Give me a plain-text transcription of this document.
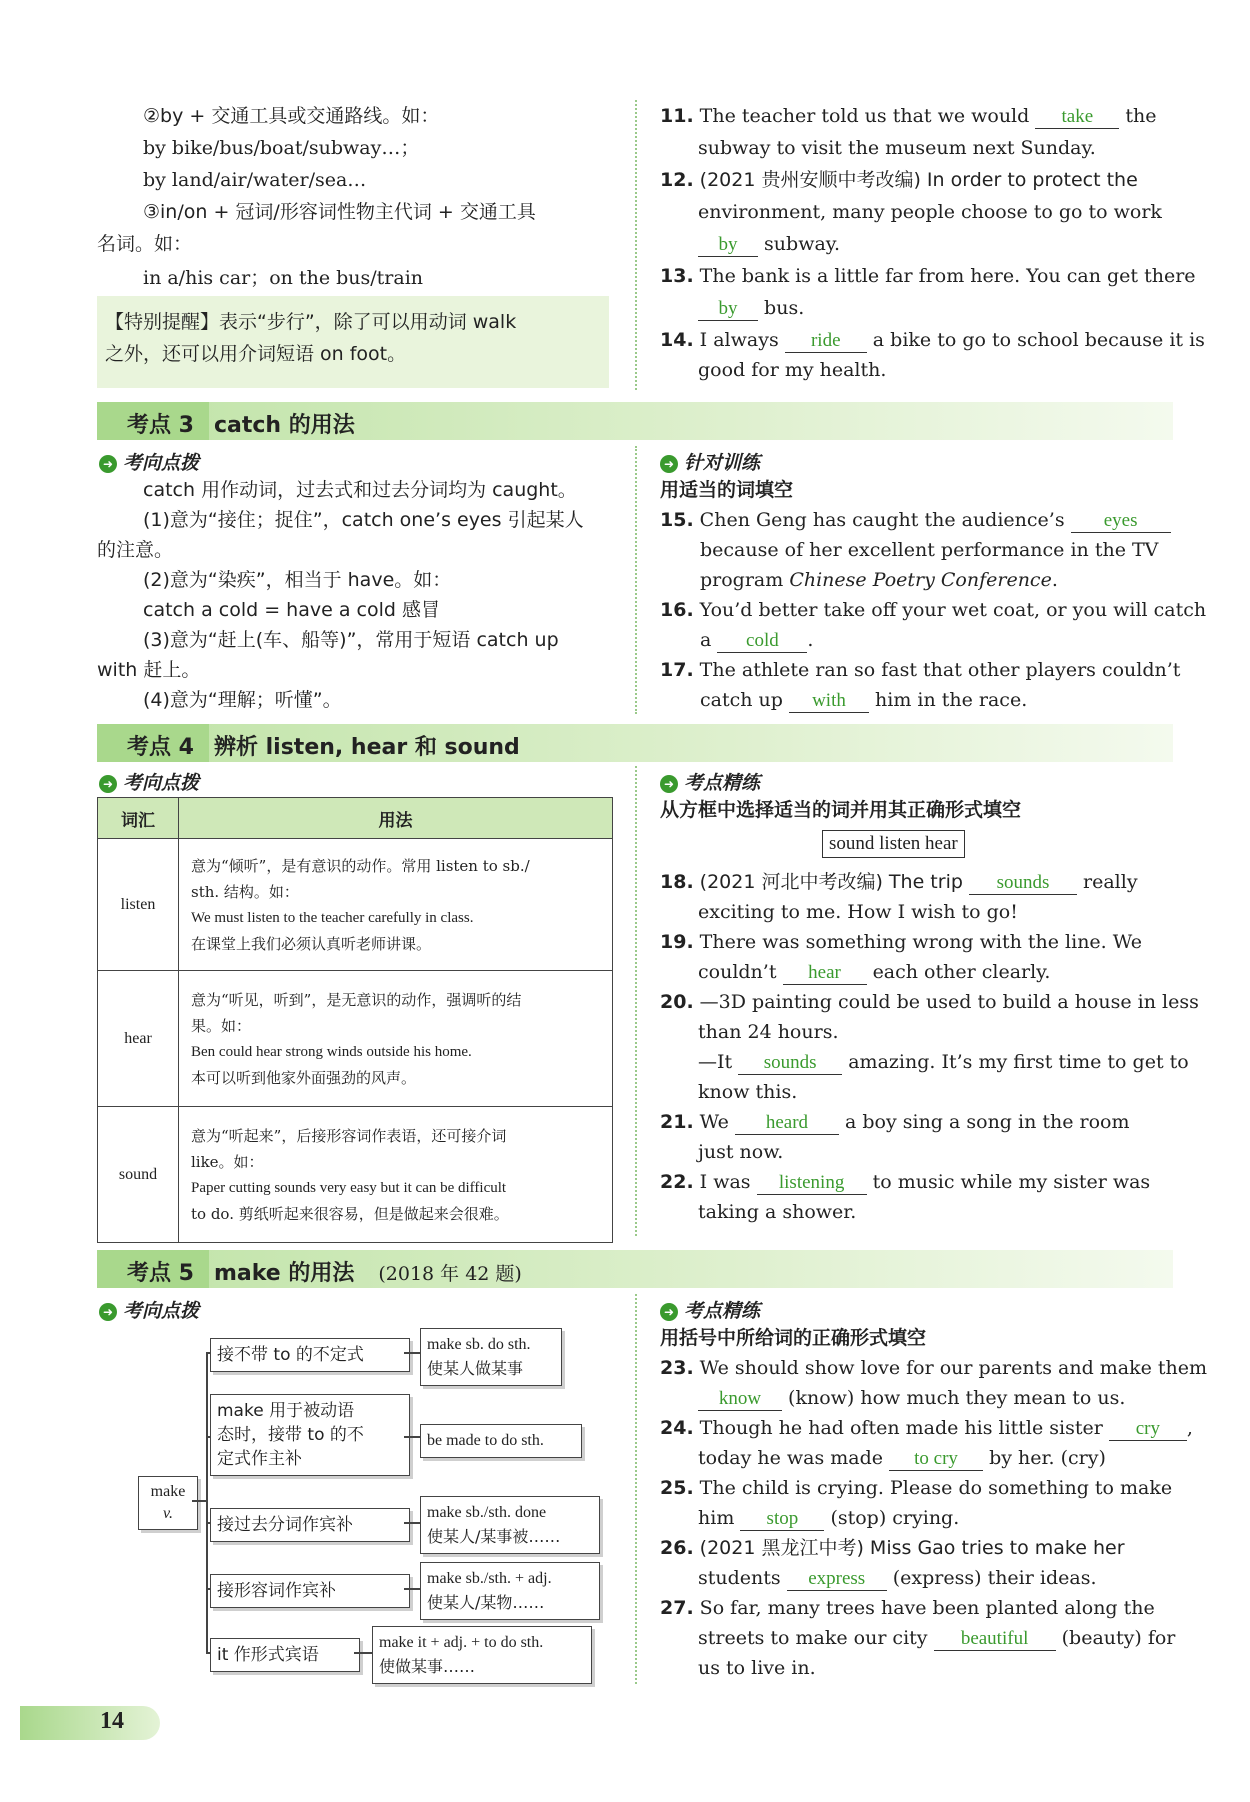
②by + 交通工具或交通路线。如：
by bike/bus/boat/subway…；
by land/air/water/sea…
③in/on + 冠词/形容词性物主代词 + 交通工具
名词。如：
in a/his car；on the bus/train
【特别提醒】表示“步行”，除了可以用动词 walk
之外，还可以用介词短语 on foot。
11. The teacher told us that we would take the
subway to visit the museum next Sunday.
12. (2021 贵州安顺中考改编) In order to protect the
environment, many people choose to go to work
by subway.
13. The bank is a little far from here. You can get there
by bus.
14. I always ride a bike to go to school because it is
good for my health.
考点 3 catch 的用法
➜ 考向点拨	➜ 针对训练
catch 用作动词，过去式和过去分词均为 caught。
(1)意为“接住；捉住”，catch one’s eyes 引起某人
的注意。
(2)意为“染疾”，相当于 have。如：
catch a cold = have a cold 感冒
(3)意为“赶上(车、船等)”，常用于短语 catch up
with 赶上。
(4)意为“理解；听懂”。
用适当的词填空
15. Chen Geng has caught the audience’s eyes
because of her excellent performance in the TV
program Chinese Poetry Conference.
16. You’d better take off your wet coat, or you will catch
a cold .
17. The athlete ran so fast that other players couldn’t
catch up with him in the race.
考点 4 辨析 listen, hear 和 sound
➜ 考向点拨	➜ 考点精练
词汇	用法
listen	意为“倾听”，是有意识的动作。常用 listen to sb./
sth. 结构。如：
We must listen to the teacher carefully in class.
在课堂上我们必须认真听老师讲课。

hear	意为“听见，听到”，是无意识的动作，强调听的结
果。如：
Ben could hear strong winds outside his home.
本可以听到他家外面强劲的风声。

sound	意为“听起来”，后接形容词作表语，还可接介词
like。如：
Paper cutting sounds very easy but it can be difficult
to do. 剪纸听起来很容易，但是做起来会很难。
从方框中选择适当的词并用其正确形式填空
sound listen hear
18. (2021 河北中考改编) The trip sounds really
exciting to me. How I wish to go!
19. There was something wrong with the line. We
couldn’t hear each other clearly.
20. —3D painting could be used to build a house in less
than 24 hours.
—It sounds amazing. It’s my first time to get to
know this.
21. We heard a boy sing a song in the room
just now.
22. I was listening to music while my sister was
taking a shower.
考点 5 make 的用法 (2018 年 42 题)
➜ 考向点拨	➜ 考点精练
make
v.
接不带 to 的不定式
make sb. do sth.
使某人做某事
make 用于被动语
态时，接带 to 的不
定式作主补
be made to do sth.
接过去分词作宾补
make sb./sth. done
使某人/某事被……
接形容词作宾补
make sb./sth. + adj.
使某人/某物……
it 作形式宾语
make it + adj. + to do sth.
使做某事……
用括号中所给词的正确形式填空
23. We should show love for our parents and make them
know (know) how much they mean to us.
24. Though he had often made his little sister cry ,
today he was made to cry by her. (cry)
25. The child is crying. Please do something to make
him stop (stop) crying.
26. (2021 黑龙江中考) Miss Gao tries to make her
students express (express) their ideas.
27. So far, many trees have been planted along the
streets to make our city beautiful (beauty) for
us to live in.
14
